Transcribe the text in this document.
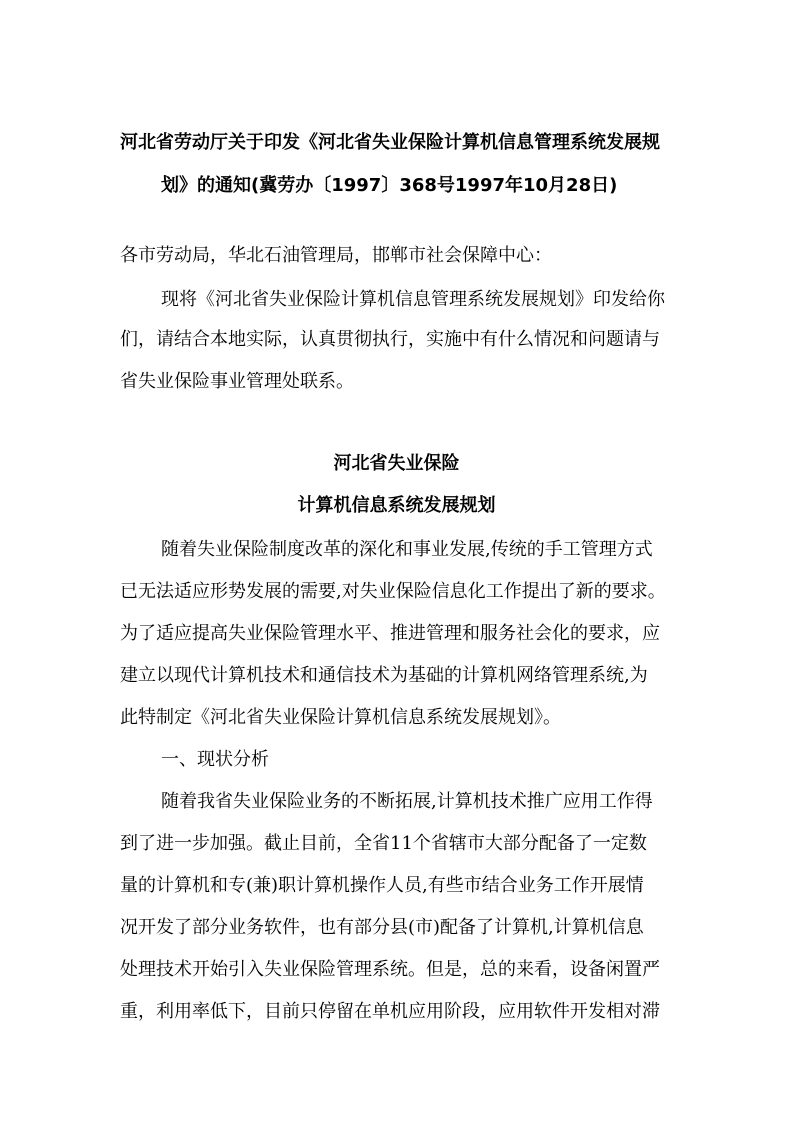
河北省劳动厅关于印发《河北省失业保险计算机信息管理系统发展规
划》的通知(冀劳办〔1997〕368号1997年10月28日)
各市劳动局，华北石油管理局，邯郸市社会保障中心：
现将《河北省失业保险计算机信息管理系统发展规划》印发给你
们，请结合本地实际，认真贯彻执行，实施中有什么情况和问题请与
省失业保险事业管理处联系。
河北省失业保险
计算机信息系统发展规划
随着失业保险制度改革的深化和事业发展,传统的手工管理方式
已无法适应形势发展的需要,对失业保险信息化工作提出了新的要求。
为了适应提高失业保险管理水平、推进管理和服务社会化的要求，应
建立以现代计算机技术和通信技术为基础的计算机网络管理系统,为
此特制定《河北省失业保险计算机信息系统发展规划》。
一、现状分析
随着我省失业保险业务的不断拓展,计算机技术推广应用工作得
到了进一步加强。截止目前，全省11个省辖市大部分配备了一定数
量的计算机和专(兼)职计算机操作人员,有些市结合业务工作开展情
况开发了部分业务软件，也有部分县(市)配备了计算机,计算机信息
处理技术开始引入失业保险管理系统。但是，总的来看，设备闲置严
重，利用率低下，目前只停留在单机应用阶段，应用软件开发相对滞
